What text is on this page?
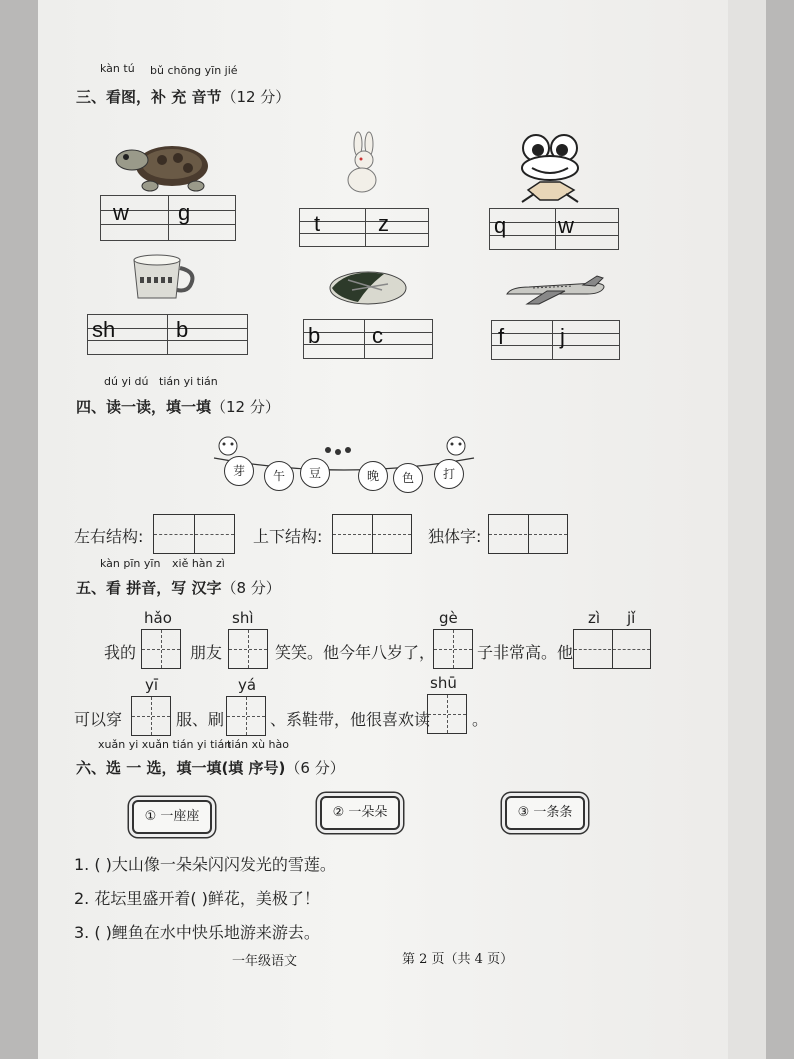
kàn tú bǔ chōng yīn jié
三、看图，补 充 音节（12 分）
w g	t	z	q w
sh	b	b c	f	j
dú yi dú tián yi tián
四、读一读，填一填（12 分）
芽	午	豆	晚	色	打
左右结构:	上下结构:	独体字:
kàn pīn yīn xiě hàn zì
五、看 拼音，写 汉字（8 分）
hǎo	shì	gè	zì jǐ
我的	朋友	笑笑。他今年八岁了，	子非常高。他
yī	yá	shū
可以穿	服、刷	、系鞋带，他很喜欢读	。
xuǎn yi xuǎn tián yi tián
tián xù hào
六、选 一 选，填一填(填 序号)（6 分）
① 一座座	② 一朵朵	③ 一条条
1. ( )大山像一朵朵闪闪发光的雪莲。
2. 花坛里盛开着( )鲜花，美极了！
3. ( )鲤鱼在水中快乐地游来游去。
一年级语文	第 2 页（共 4 页）
